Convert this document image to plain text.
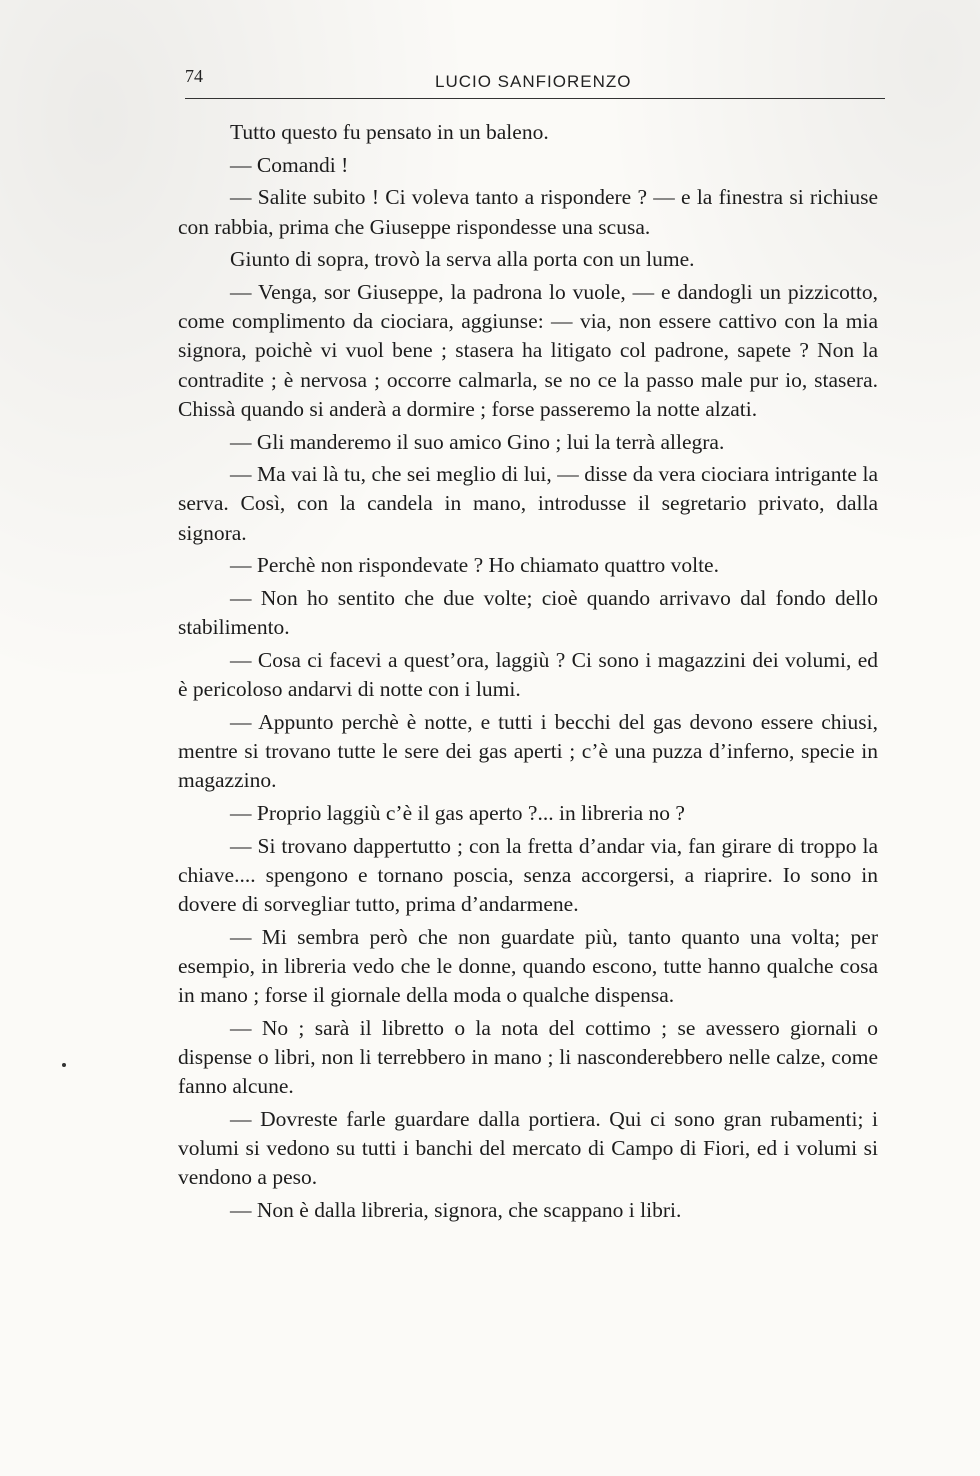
74	LUCIO SANFIORENZO

Tutto questo fu pensato in un baleno.

— Comandi !

— Salite subito ! Ci voleva tanto a rispondere ? — e la finestra si richiuse con rabbia, prima che Giuseppe rispondesse una scusa.

Giunto di sopra, trovò la serva alla porta con un lume.

— Venga, sor Giuseppe, la padrona lo vuole, — e dandogli un pizzicotto, come complimento da ciociara, aggiunse: — via, non essere cattivo con la mia signora, poichè vi vuol bene ; stasera ha litigato col padrone, sapete ? Non la contradite ; è nervosa ; occorre calmarla, se no ce la passo male pur io, stasera. Chissà quando si anderà a dormire ; forse passeremo la notte alzati.

— Gli manderemo il suo amico Gino ; lui la terrà allegra.

— Ma vai là tu, che sei meglio di lui, — disse da vera ciociara intrigante la serva. Così, con la candela in mano, introdusse il segretario privato, dalla signora.

— Perchè non rispondevate ? Ho chiamato quattro volte.

— Non ho sentito che due volte; cioè quando arrivavo dal fondo dello stabilimento.

— Cosa ci facevi a quest’ora, laggiù ? Ci sono i magazzini dei volumi, ed è pericoloso andarvi di notte con i lumi.

— Appunto perchè è notte, e tutti i becchi del gas devono essere chiusi, mentre si trovano tutte le sere dei gas aperti ; c’è una puzza d’inferno, specie in magazzino.

— Proprio laggiù c’è il gas aperto ?... in libreria no ?

— Si trovano dappertutto ; con la fretta d’andar via, fan girare di troppo la chiave.... spengono e tornano poscia, senza accorgersi, a riaprire. Io sono in dovere di sorvegliar tutto, prima d’andarmene.

— Mi sembra però che non guardate più, tanto quanto una volta; per esempio, in libreria vedo che le donne, quando escono, tutte hanno qualche cosa in mano ; forse il giornale della moda o qualche dispensa.

— No ; sarà il libretto o la nota del cottimo ; se avessero giornali o dispense o libri, non li terrebbero in mano ; li nasconderebbero nelle calze, come fanno alcune.

— Dovreste farle guardare dalla portiera. Qui ci sono gran rubamenti; i volumi si vedono su tutti i banchi del mercato di Campo di Fiori, ed i volumi si vendono a peso.

— Non è dalla libreria, signora, che scappano i libri.
